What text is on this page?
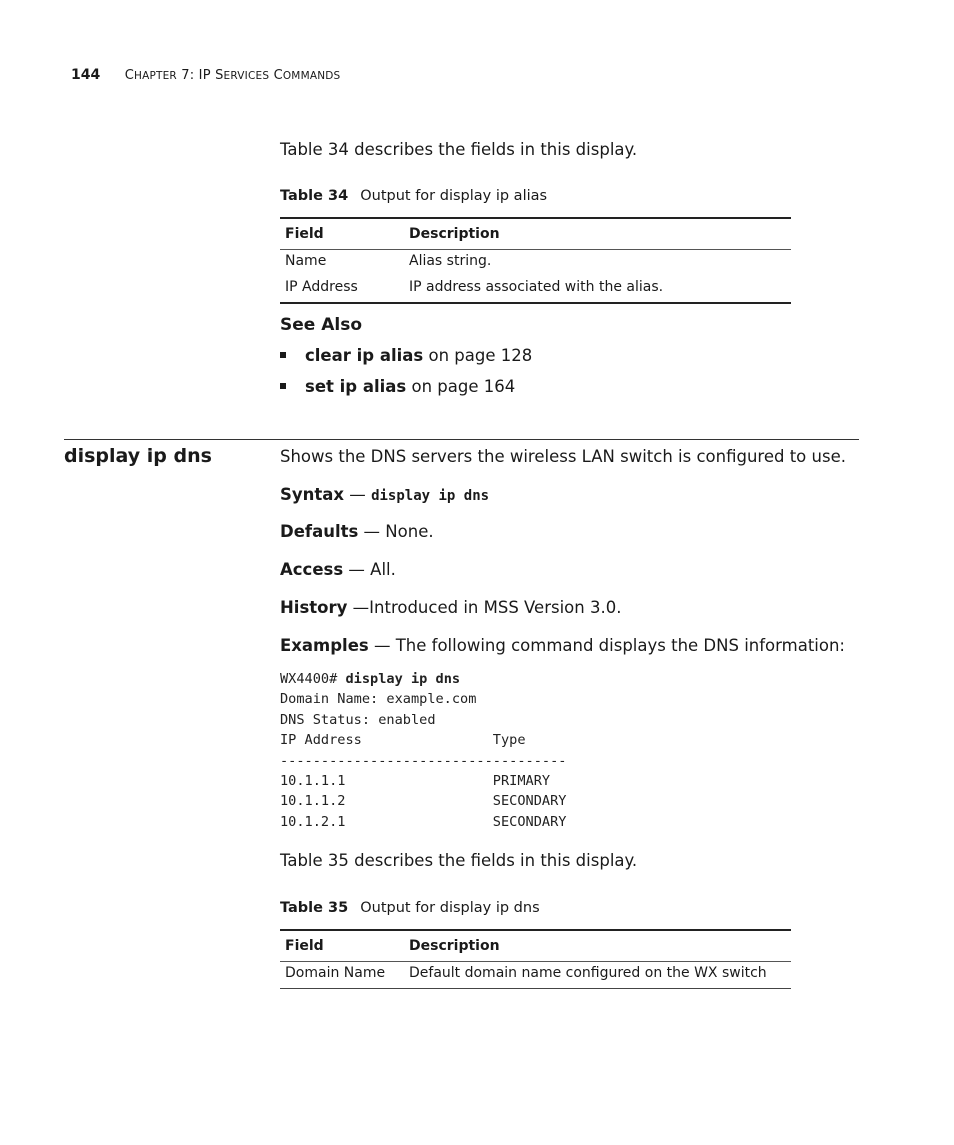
144 CHAPTER 7: IP SERVICES COMMANDS
Table 34 describes the fields in this display.
Table 34 Output for display ip alias
Field	Description
Name	Alias string.
IP Address	IP address associated with the alias.
See Also
clear ip alias on page 128
set ip alias on page 164
display ip dns	Shows the DNS servers the wireless LAN switch is configured to use.
Syntax — display ip dns
Defaults — None.
Access — All.
History —Introduced in MSS Version 3.0.
Examples — The following command displays the DNS information:
WX4400# display ip dns
Domain Name: example.com
DNS Status: enabled
IP Address                Type
-----------------------------------
10.1.1.1                  PRIMARY
10.1.1.2                  SECONDARY
10.1.2.1                  SECONDARY
Table 35 describes the fields in this display.
Table 35 Output for display ip dns
Field	Description
Domain Name	Default domain name configured on the WX switch
